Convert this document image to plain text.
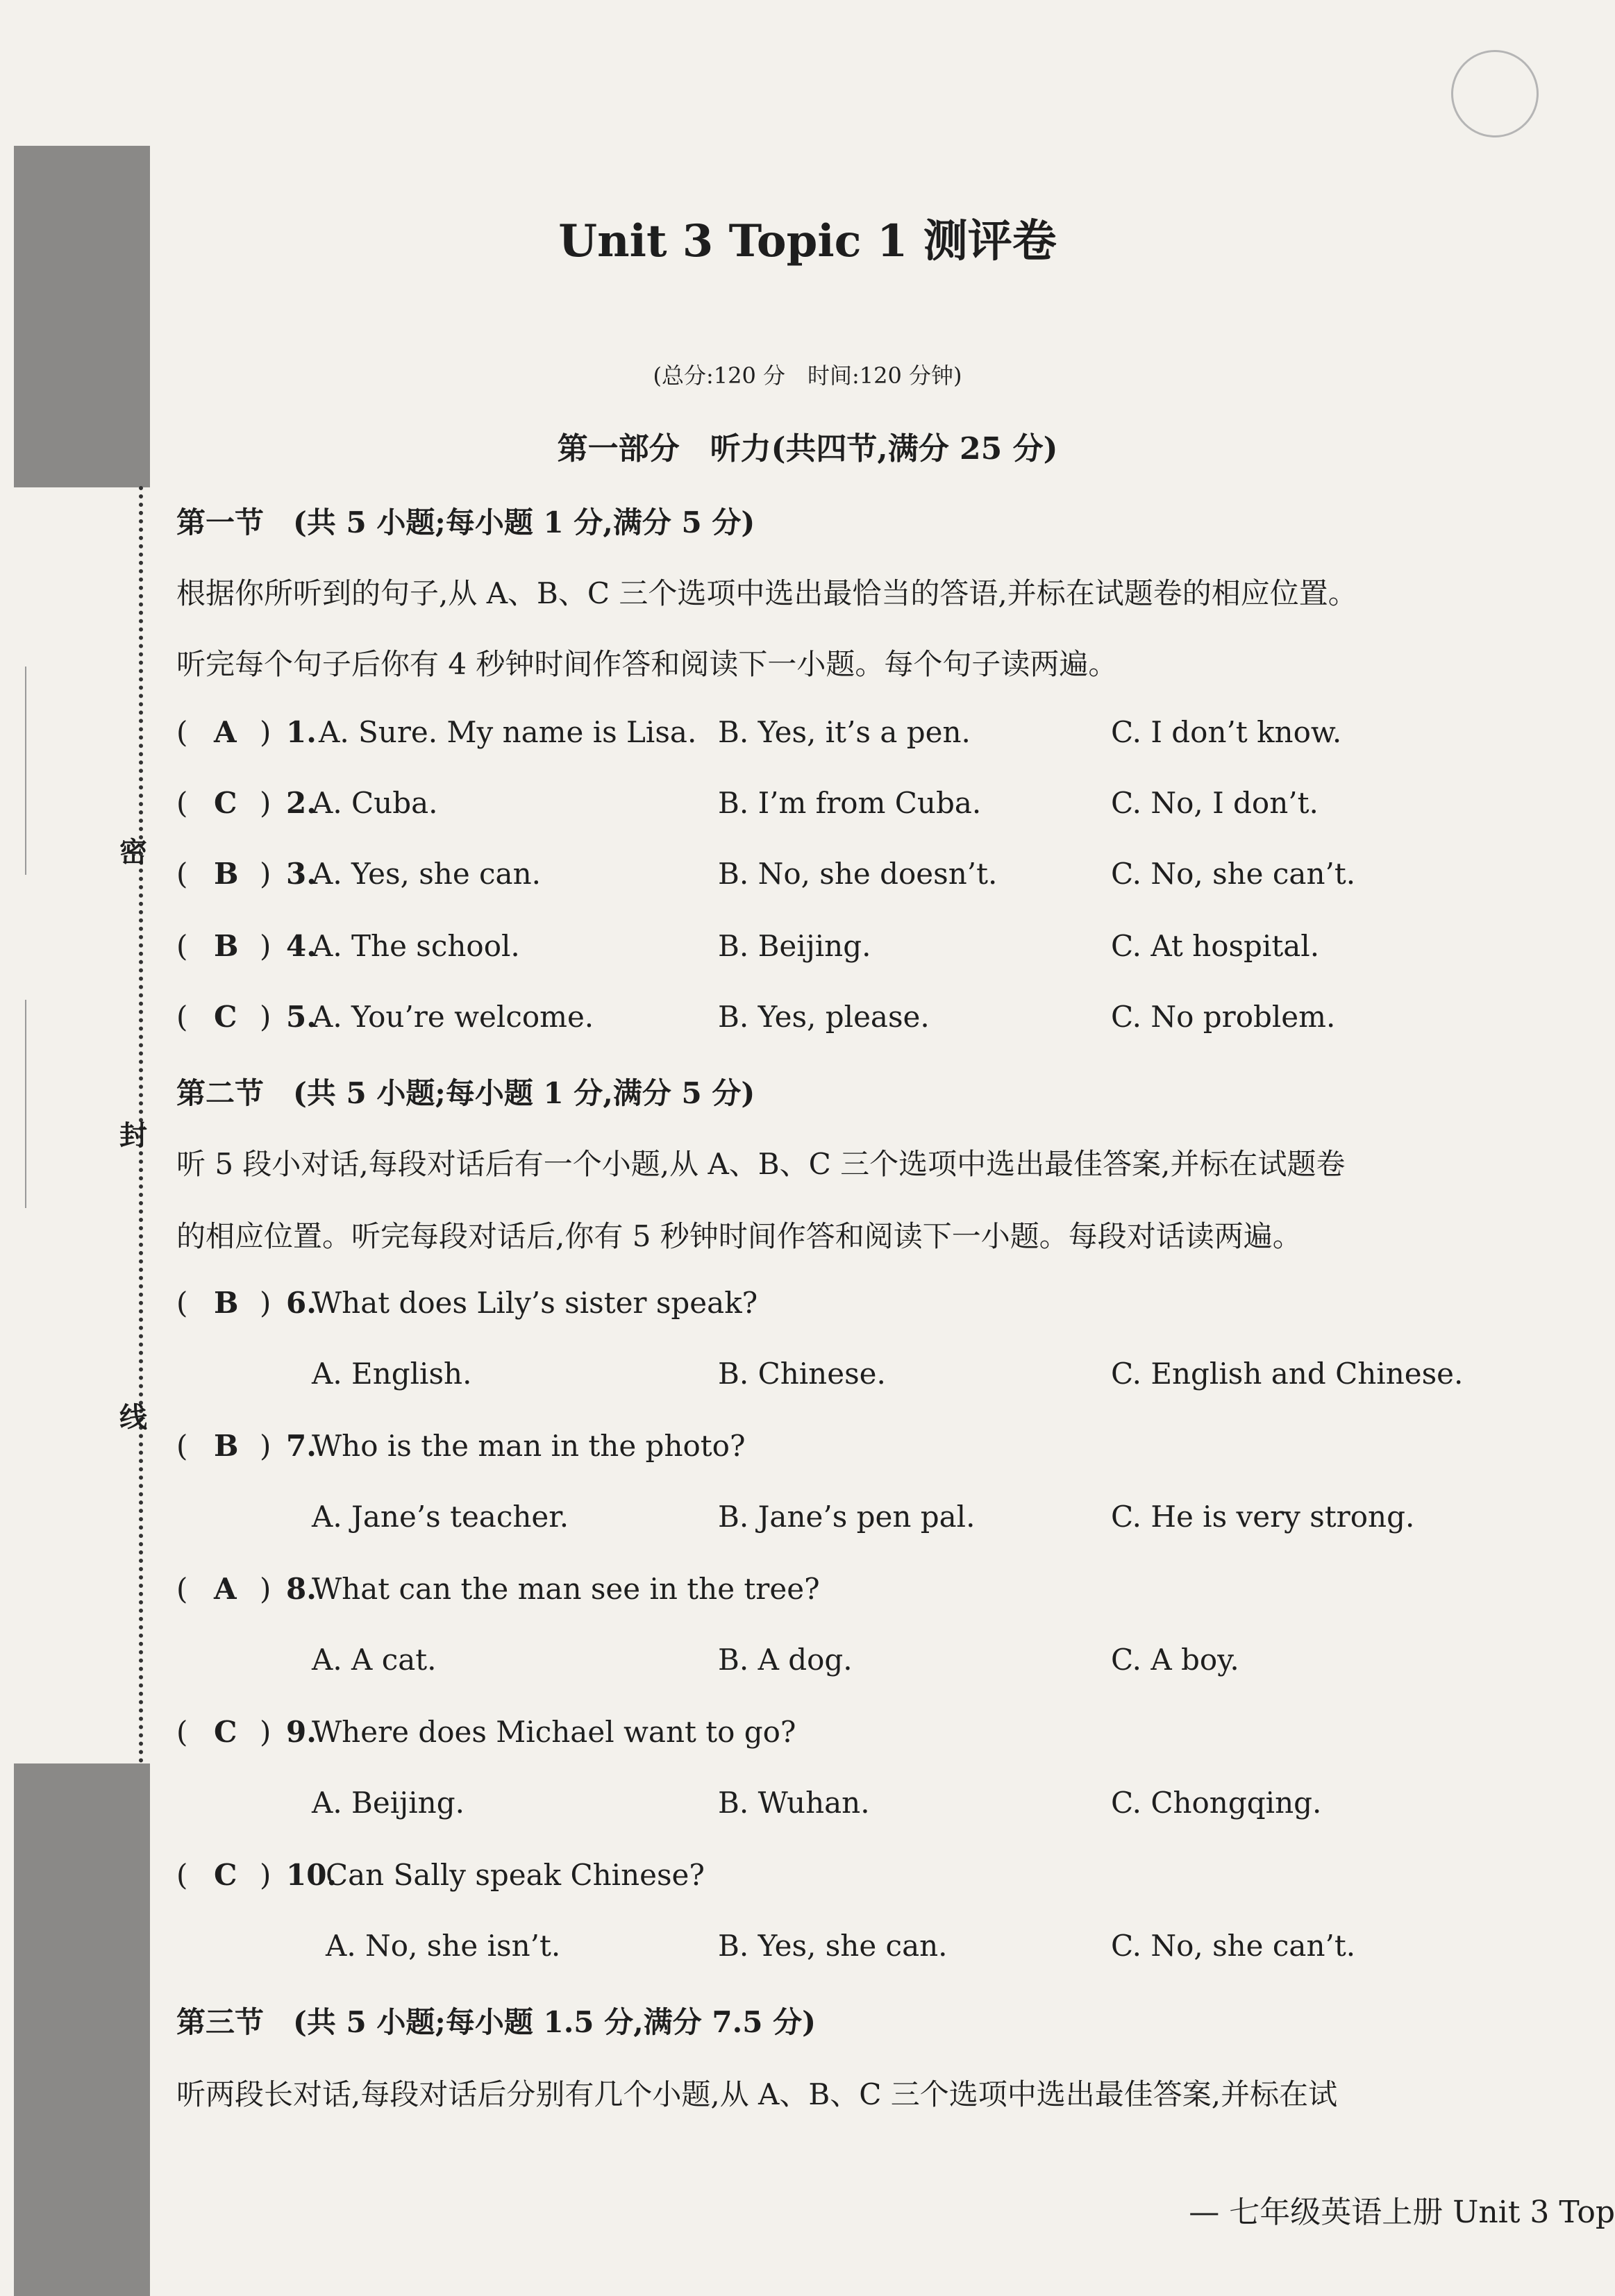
密
封
线
Unit 3 Topic 1 测评卷
(总分:120 分　时间:120 分钟)
第一部分　听力(共四节,满分 25 分)
第一节　(共 5 小题;每小题 1 分,满分 5 分)
根据你所听到的句子,从 A、B、C 三个选项中选出最恰当的答语,并标在试题卷的相应位置。
听完每个句子后你有 4 秒钟时间作答和阅读下一小题。每个句子读两遍。
( A ) 1. A. Sure. My name is Lisa. B. Yes, it’s a pen.	C. I don’t know.
( C ) 2.
A. Cuba.	B. I’m from Cuba.	C. No, I don’t.
( B ) 3.
A. Yes, she can.	B. No, she doesn’t.	C. No, she can’t.
( B ) 4.
A. The school.	B. Beijing.	C. At hospital.
( C ) 5.
A. You’re welcome.	B. Yes, please.	C. No problem.
第二节　(共 5 小题;每小题 1 分,满分 5 分)
听 5 段小对话,每段对话后有一个小题,从 A、B、C 三个选项中选出最佳答案,并标在试题卷
的相应位置。听完每段对话后,你有 5 秒钟时间作答和阅读下一小题。每段对话读两遍。
( B ) 6.
What does Lily’s sister speak?
A. English.	B. Chinese.	C. English and Chinese.
( B ) 7.
Who is the man in the photo?
A. Jane’s teacher.	B. Jane’s pen pal.	C. He is very strong.
( A ) 8.
What can the man see in the tree?
A. A cat.	B. A dog.	C. A boy.
( C ) 9.
Where does Michael want to go?
A. Beijing.	B. Wuhan.	C. Chongqing.
( C ) 10.
Can Sally speak Chinese?
A. No, she isn’t.	B. Yes, she can.	C. No, she can’t.
第三节　(共 5 小题;每小题 1.5 分,满分 7.5 分)
听两段长对话,每段对话后分别有几个小题,从 A、B、C 三个选项中选出最佳答案,并标在试
— 七年级英语上册 Unit 3 Top
